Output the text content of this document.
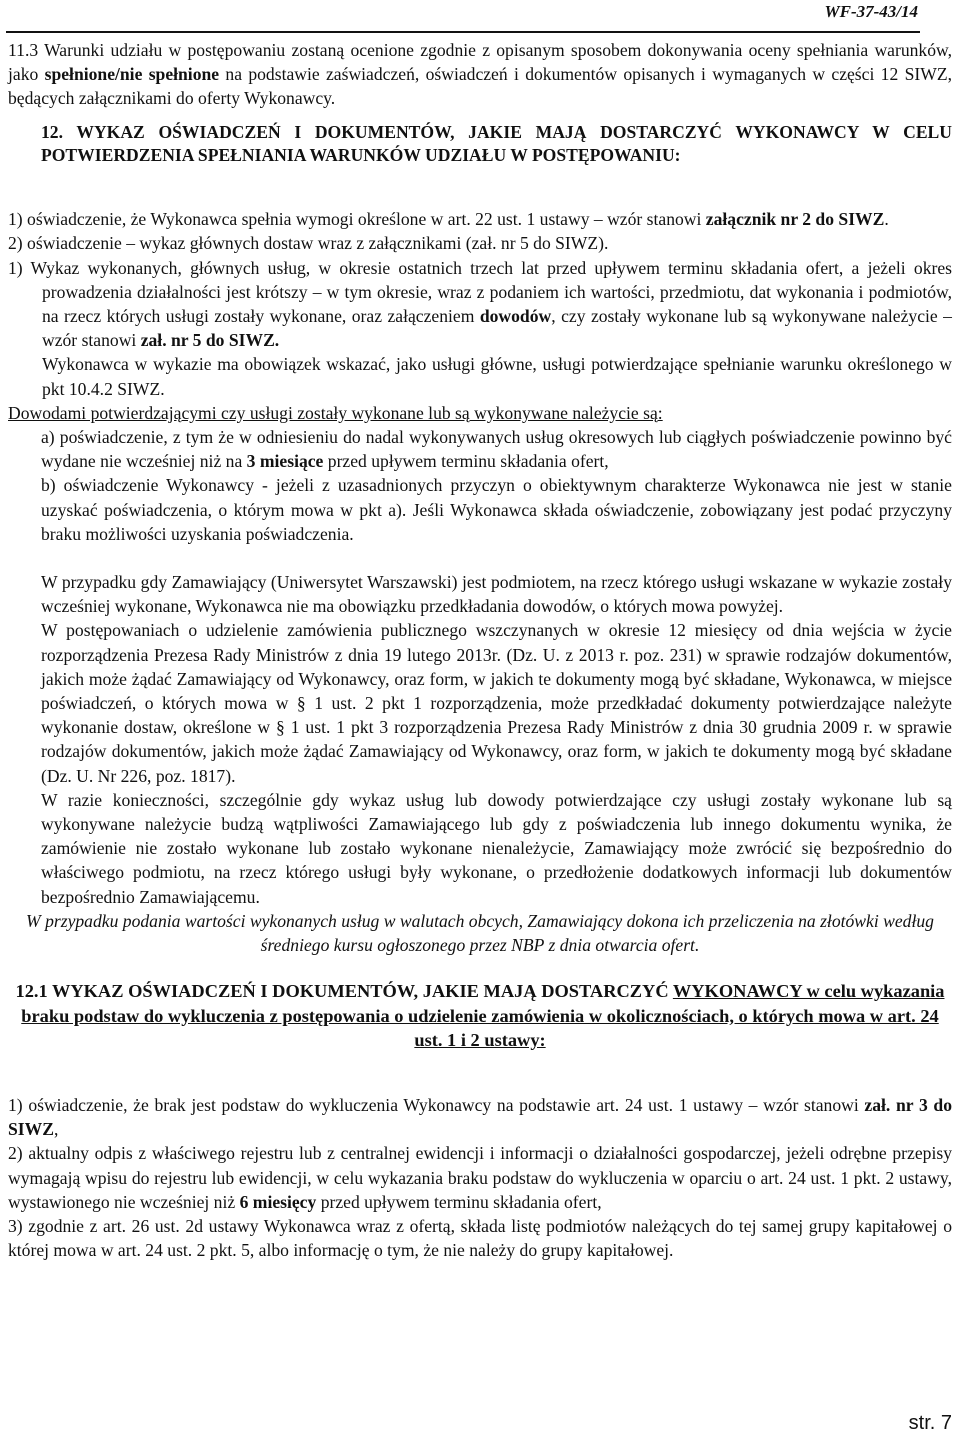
WF-37-43/14

11.3 Warunki udziału w postępowaniu zostaną ocenione zgodnie z opisanym sposobem dokonywania oceny spełniania warunków, jako spełnione/nie spełnione na podstawie zaświadczeń, oświadczeń i dokumentów opisanych i wymaganych w części 12 SIWZ, będących załącznikami do oferty Wykonawcy.

12. WYKAZ OŚWIADCZEŃ I DOKUMENTÓW, JAKIE MAJĄ DOSTARCZYĆ WYKONAWCY W CELU POTWIERDZENIA SPEŁNIANIA WARUNKÓW UDZIAŁU W POSTĘPOWANIU:

1) oświadczenie, że Wykonawca spełnia wymogi określone w art. 22 ust. 1 ustawy – wzór stanowi załącznik nr 2 do SIWZ.

2) oświadczenie – wykaz głównych dostaw wraz z załącznikami (zał. nr 5 do SIWZ).

1) Wykaz wykonanych, głównych usług, w okresie ostatnich trzech lat przed upływem terminu składania ofert, a jeżeli okres prowadzenia działalności jest krótszy – w tym okresie, wraz z podaniem ich wartości, przedmiotu, dat wykonania i podmiotów, na rzecz których usługi zostały wykonane, oraz załączeniem dowodów, czy zostały wykonane lub są wykonywane należycie – wzór stanowi zał. nr 5 do SIWZ.
Wykonawca w wykazie ma obowiązek wskazać, jako usługi główne, usługi potwierdzające spełnianie warunku określonego w pkt 10.4.2 SIWZ.

Dowodami potwierdzającymi czy usługi zostały wykonane lub są wykonywane należycie są:

a) poświadczenie, z tym że w odniesieniu do nadal wykonywanych usług okresowych lub ciągłych poświadczenie powinno być wydane nie wcześniej niż na 3 miesiące przed upływem terminu składania ofert,

b) oświadczenie Wykonawcy - jeżeli z uzasadnionych przyczyn o obiektywnym charakterze Wykonawca nie jest w stanie uzyskać poświadczenia, o którym mowa w pkt a). Jeśli Wykonawca składa oświadczenie, zobowiązany jest podać przyczyny braku możliwości uzyskania poświadczenia.

W przypadku gdy Zamawiający (Uniwersytet Warszawski) jest podmiotem, na rzecz którego usługi wskazane w wykazie zostały wcześniej wykonane, Wykonawca nie ma obowiązku przedkładania dowodów, o których mowa powyżej.

W postępowaniach o udzielenie zamówienia publicznego wszczynanych w okresie 12 miesięcy od dnia wejścia w życie rozporządzenia Prezesa Rady Ministrów z dnia 19 lutego 2013r. (Dz. U. z 2013 r. poz. 231) w sprawie rodzajów dokumentów, jakich może żądać Zamawiający od Wykonawcy, oraz form, w jakich te dokumenty mogą być składane, Wykonawca, w miejsce poświadczeń, o których mowa w § 1 ust. 2 pkt 1 rozporządzenia, może przedkładać dokumenty potwierdzające należyte wykonanie dostaw, określone w § 1 ust. 1 pkt 3 rozporządzenia Prezesa Rady Ministrów z dnia 30 grudnia 2009 r. w sprawie rodzajów dokumentów, jakich może żądać Zamawiający od Wykonawcy, oraz form, w jakich te dokumenty mogą być składane (Dz. U. Nr 226, poz. 1817).

W razie konieczności, szczególnie gdy wykaz usług lub dowody potwierdzające czy usługi zostały wykonane lub są wykonywane należycie budzą wątpliwości Zamawiającego lub gdy z poświadczenia lub innego dokumentu wynika, że zamówienie nie zostało wykonane lub zostało wykonane nienależycie, Zamawiający może zwrócić się bezpośrednio do właściwego podmiotu, na rzecz którego usługi były wykonane, o przedłożenie dodatkowych informacji lub dokumentów bezpośrednio Zamawiającemu.

W przypadku podania wartości wykonanych usług w walutach obcych, Zamawiający dokona ich przeliczenia na złotówki według średniego kursu ogłoszonego przez NBP z dnia otwarcia ofert.

12.1 WYKAZ OŚWIADCZEŃ I DOKUMENTÓW, JAKIE MAJĄ DOSTARCZYĆ WYKONAWCY w celu wykazania braku podstaw do wykluczenia z postępowania o udzielenie zamówienia w okolicznościach, o których mowa w art. 24 ust. 1 i 2 ustawy:

1) oświadczenie, że brak jest podstaw do wykluczenia Wykonawcy na podstawie art. 24 ust. 1 ustawy – wzór stanowi zał. nr 3 do SIWZ,

2) aktualny odpis z właściwego rejestru lub z centralnej ewidencji i informacji o działalności gospodarczej, jeżeli odrębne przepisy wymagają wpisu do rejestru lub ewidencji, w celu wykazania braku podstaw do wykluczenia w oparciu o art. 24 ust. 1 pkt. 2 ustawy, wystawionego nie wcześniej niż 6 miesięcy przed upływem terminu składania ofert,

3) zgodnie z art. 26 ust. 2d ustawy Wykonawca wraz z ofertą, składa listę podmiotów należących do tej samej grupy kapitałowej o której mowa w art. 24 ust. 2 pkt. 5, albo informację o tym, że nie należy do grupy kapitałowej.

str. 7
